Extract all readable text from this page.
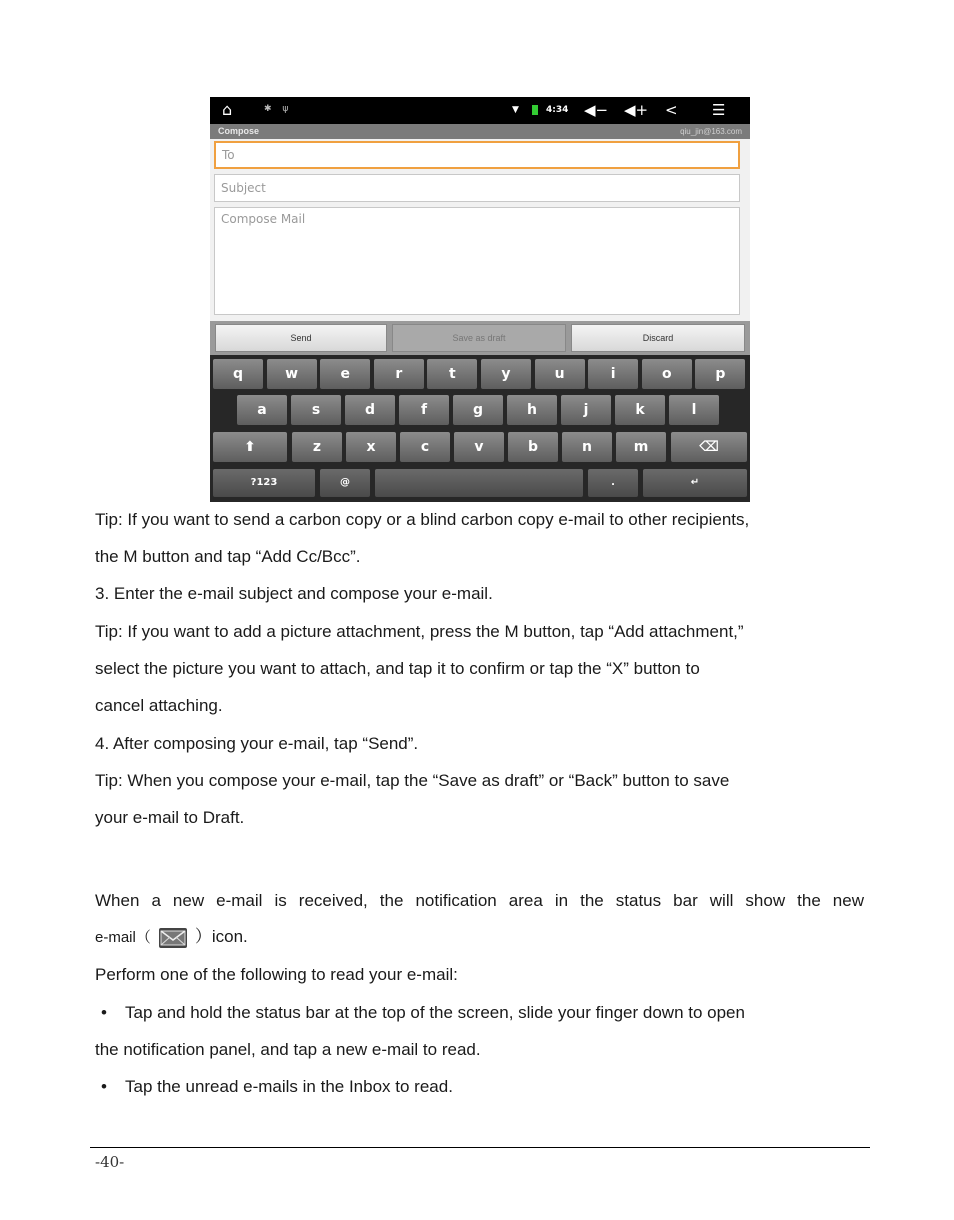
⌂	✱ ψ	▼	4:34 ◀− ◀+ < ☰
Compose	qiu_jin@163.com
To
Subject
Compose Mail
Send	Save as draft	Discard
q	w	e	r	t	y	u	i	o	p
a	s	d	f	g	h	j	k	l
⬆	z	x	c	v	b	n	m	⌫
?123	@	.	↵
Tip: If you want to send a carbon copy or a blind carbon copy e-mail to other recipients,
the M button and tap “Add Cc/Bcc”.
3. Enter the e-mail subject and compose your e-mail.
Tip: If you want to add a picture attachment, press the M button, tap “Add attachment,”
select the picture you want to attach, and tap it to confirm or tap the “X” button to
cancel attaching.
4. After composing your e-mail, tap “Send”.
Tip: When you compose your e-mail, tap the “Save as draft” or “Back” button to save
your e-mail to Draft.
When a new e-mail is received, the notification area in the status bar will show the new
e-mail（	）icon.
Perform one of the following to read your e-mail:
• Tap and hold the status bar at the top of the screen, slide your finger down to open
the notification panel, and tap a new e-mail to read.
• Tap the unread e-mails in the Inbox to read.
-40-
